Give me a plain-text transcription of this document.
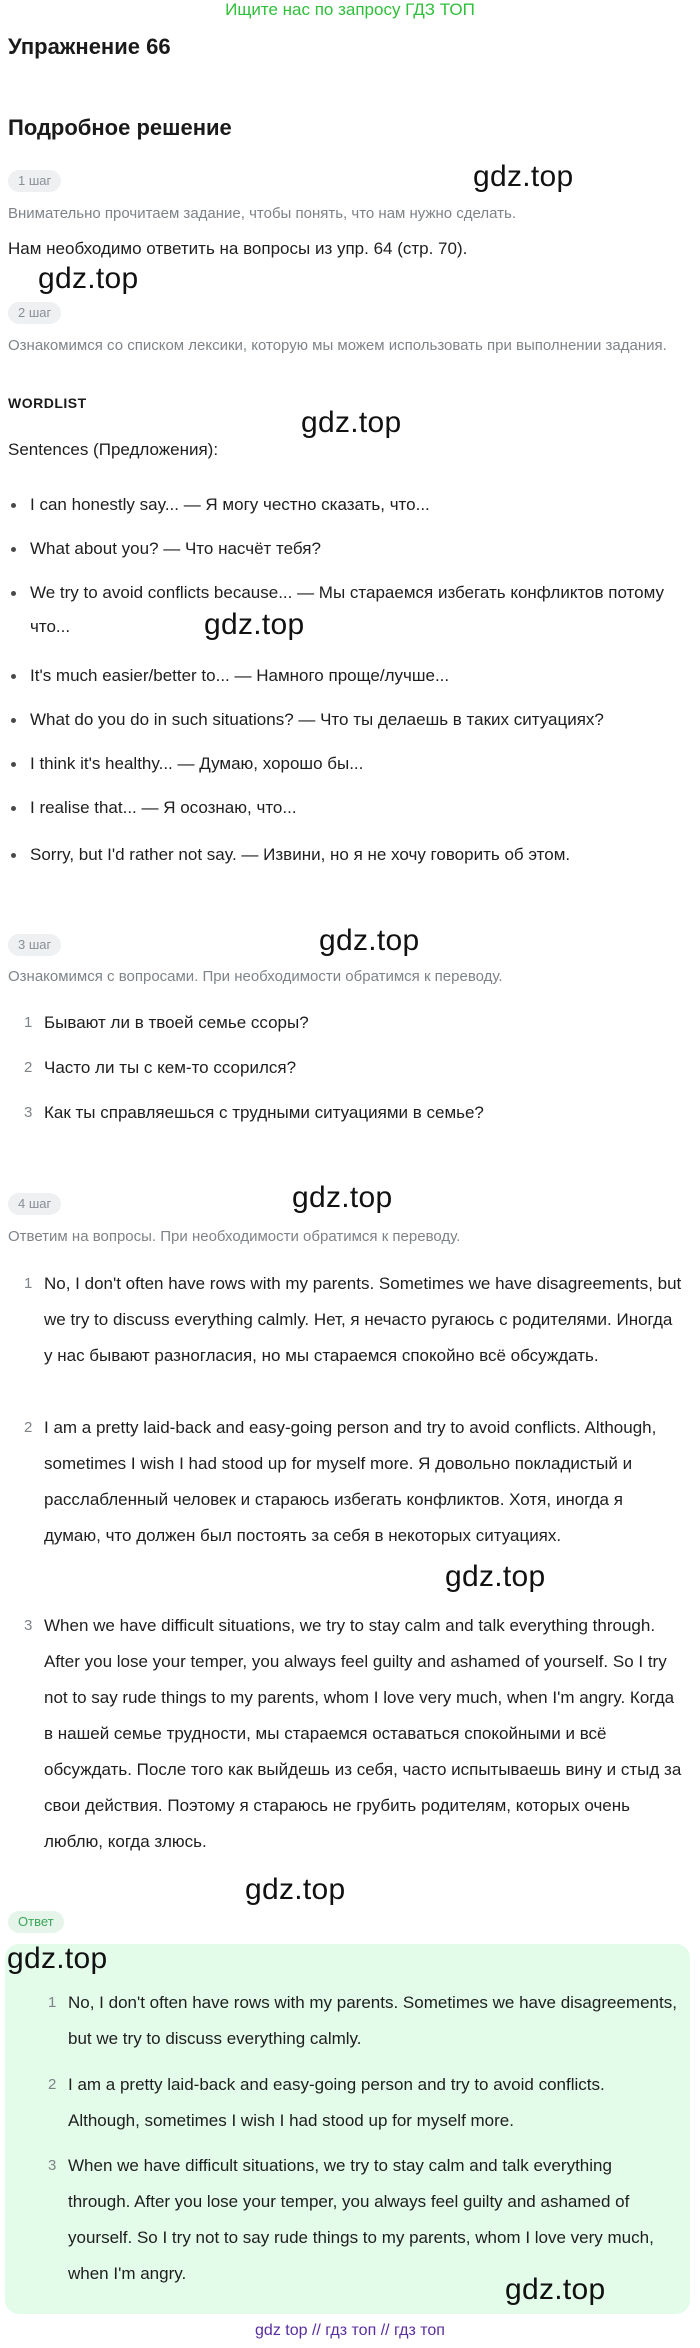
Ищите нас по запросу ГДЗ ТОП
Упражнение 66
Подробное решение
1 шаг
Внимательно прочитаем задание, чтобы понять, что нам нужно сделать.
Нам необходимо ответить на вопросы из упр. 64 (стр. 70).
2 шаг
Ознакомимся со списком лексики, которую мы можем использовать при выполнении задания.
WORDLIST
Sentences (Предложения):
I can honestly say... — Я могу честно сказать, что...
What about you? — Что насчёт тебя?
We try to avoid conflicts because... — Мы стараемся избегать конфликтов потому что...
It's much easier/better to... — Намного проще/лучше...
What do you do in such situations? — Что ты делаешь в таких ситуациях?
I think it's healthy... — Думаю, хорошо бы...
I realise that... — Я осознаю, что...
Sorry, but I'd rather not say. — Извини, но я не хочу говорить об этом.
3 шаг
Ознакомимся с вопросами. При необходимости обратимся к переводу.
1 Бывают ли в твоей семье ссоры?
2 Часто ли ты с кем-то ссорился?
3 Как ты справляешься с трудными ситуациями в семье?
4 шаг
Ответим на вопросы. При необходимости обратимся к переводу.
1 No, I don't often have rows with my parents. Sometimes we have disagreements, but we try to discuss everything calmly. Нет, я нечасто ругаюсь с родителями. Иногда у нас бывают разногласия, но мы стараемся спокойно всё обсуждать.
2 I am a pretty laid-back and easy-going person and try to avoid conflicts. Although, sometimes I wish I had stood up for myself more. Я довольно покладистый и расслабленный человек и стараюсь избегать конфликтов. Хотя, иногда я думаю, что должен был постоять за себя в некоторых ситуациях.
3 When we have difficult situations, we try to stay calm and talk everything through. After you lose your temper, you always feel guilty and ashamed of yourself. So I try not to say rude things to my parents, whom I love very much, when I'm angry. Когда в нашей семье трудности, мы стараемся оставаться спокойными и всё обсуждать. После того как выйдешь из себя, часто испытываешь вину и стыд за свои действия. Поэтому я стараюсь не грубить родителям, которых очень люблю, когда злюсь.
Ответ
1 No, I don't often have rows with my parents. Sometimes we have disagreements, but we try to discuss everything calmly.
2 I am a pretty laid-back and easy-going person and try to avoid conflicts. Although, sometimes I wish I had stood up for myself more.
3 When we have difficult situations, we try to stay calm and talk everything through. After you lose your temper, you always feel guilty and ashamed of yourself. So I try not to say rude things to my parents, whom I love very much, when I'm angry.
gdz.top
gdz.top
gdz.top
gdz.top
gdz.top
gdz.top
gdz.top
gdz.top
gdz.top
gdz.top
gdz top // гдз топ // гдз топ
